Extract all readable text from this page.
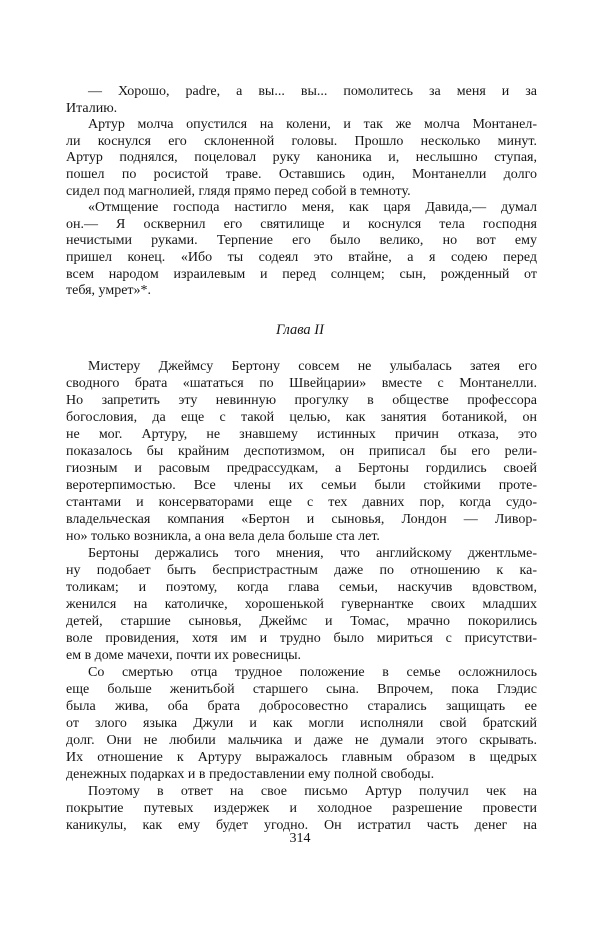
— Хорошо, padre, а вы... вы... помолитесь за меня и за
Италию.
Артур молча опустился на колени, и так же молча Монтанел-
ли коснулся его склоненной головы. Прошло несколько минут.
Артур поднялся, поцеловал руку каноника и, неслышно ступая,
пошел по росистой траве. Оставшись один, Монтанелли долго
сидел под магнолией, глядя прямо перед собой в темноту.
«Отмщение господа настигло меня, как царя Давида,— думал
он.— Я осквернил его святилище и коснулся тела господня
нечистыми руками. Терпение его было велико, но вот ему
пришел конец. «Ибо ты содеял это втайне, а я содею перед
всем народом израилевым и перед солнцем; сын, рожденный от
тебя, умрет»*.
Глава II
Мистеру Джеймсу Бертону совсем не улыбалась затея его
сводного брата «шататься по Швейцарии» вместе с Монтанелли.
Но запретить эту невинную прогулку в обществе профессора
богословия, да еще с такой целью, как занятия ботаникой, он
не мог. Артуру, не знавшему истинных причин отказа, это
показалось бы крайним деспотизмом, он приписал бы его рели-
гиозным и расовым предрассудкам, а Бертоны гордились своей
веротерпимостью. Все члены их семьи были стойкими проте-
стантами и консерваторами еще с тех давних пор, когда судо-
владельческая компания «Бертон и сыновья, Лондон — Ливор-
но» только возникла, а она вела дела больше ста лет.
Бертоны держались того мнения, что английскому джентльме-
ну подобает быть беспристрастным даже по отношению к ка-
толикам; и поэтому, когда глава семьи, наскучив вдовством,
женился на католичке, хорошенькой гувернантке своих младших
детей, старшие сыновья, Джеймс и Томас, мрачно покорились
воле провидения, хотя им и трудно было мириться с присутстви-
ем в доме мачехи, почти их ровесницы.
Со смертью отца трудное положение в семье осложнилось
еще больше женитьбой старшего сына. Впрочем, пока Глэдис
была жива, оба брата добросовестно старались защищать ее
от злого языка Джули и как могли исполняли свой братский
долг. Они не любили мальчика и даже не думали этого скрывать.
Их отношение к Артуру выражалось главным образом в щедрых
денежных подарках и в предоставлении ему полной свободы.
Поэтому в ответ на свое письмо Артур получил чек на
покрытие путевых издержек и холодное разрешение провести
каникулы, как ему будет угодно. Он истратил часть денег на
314
